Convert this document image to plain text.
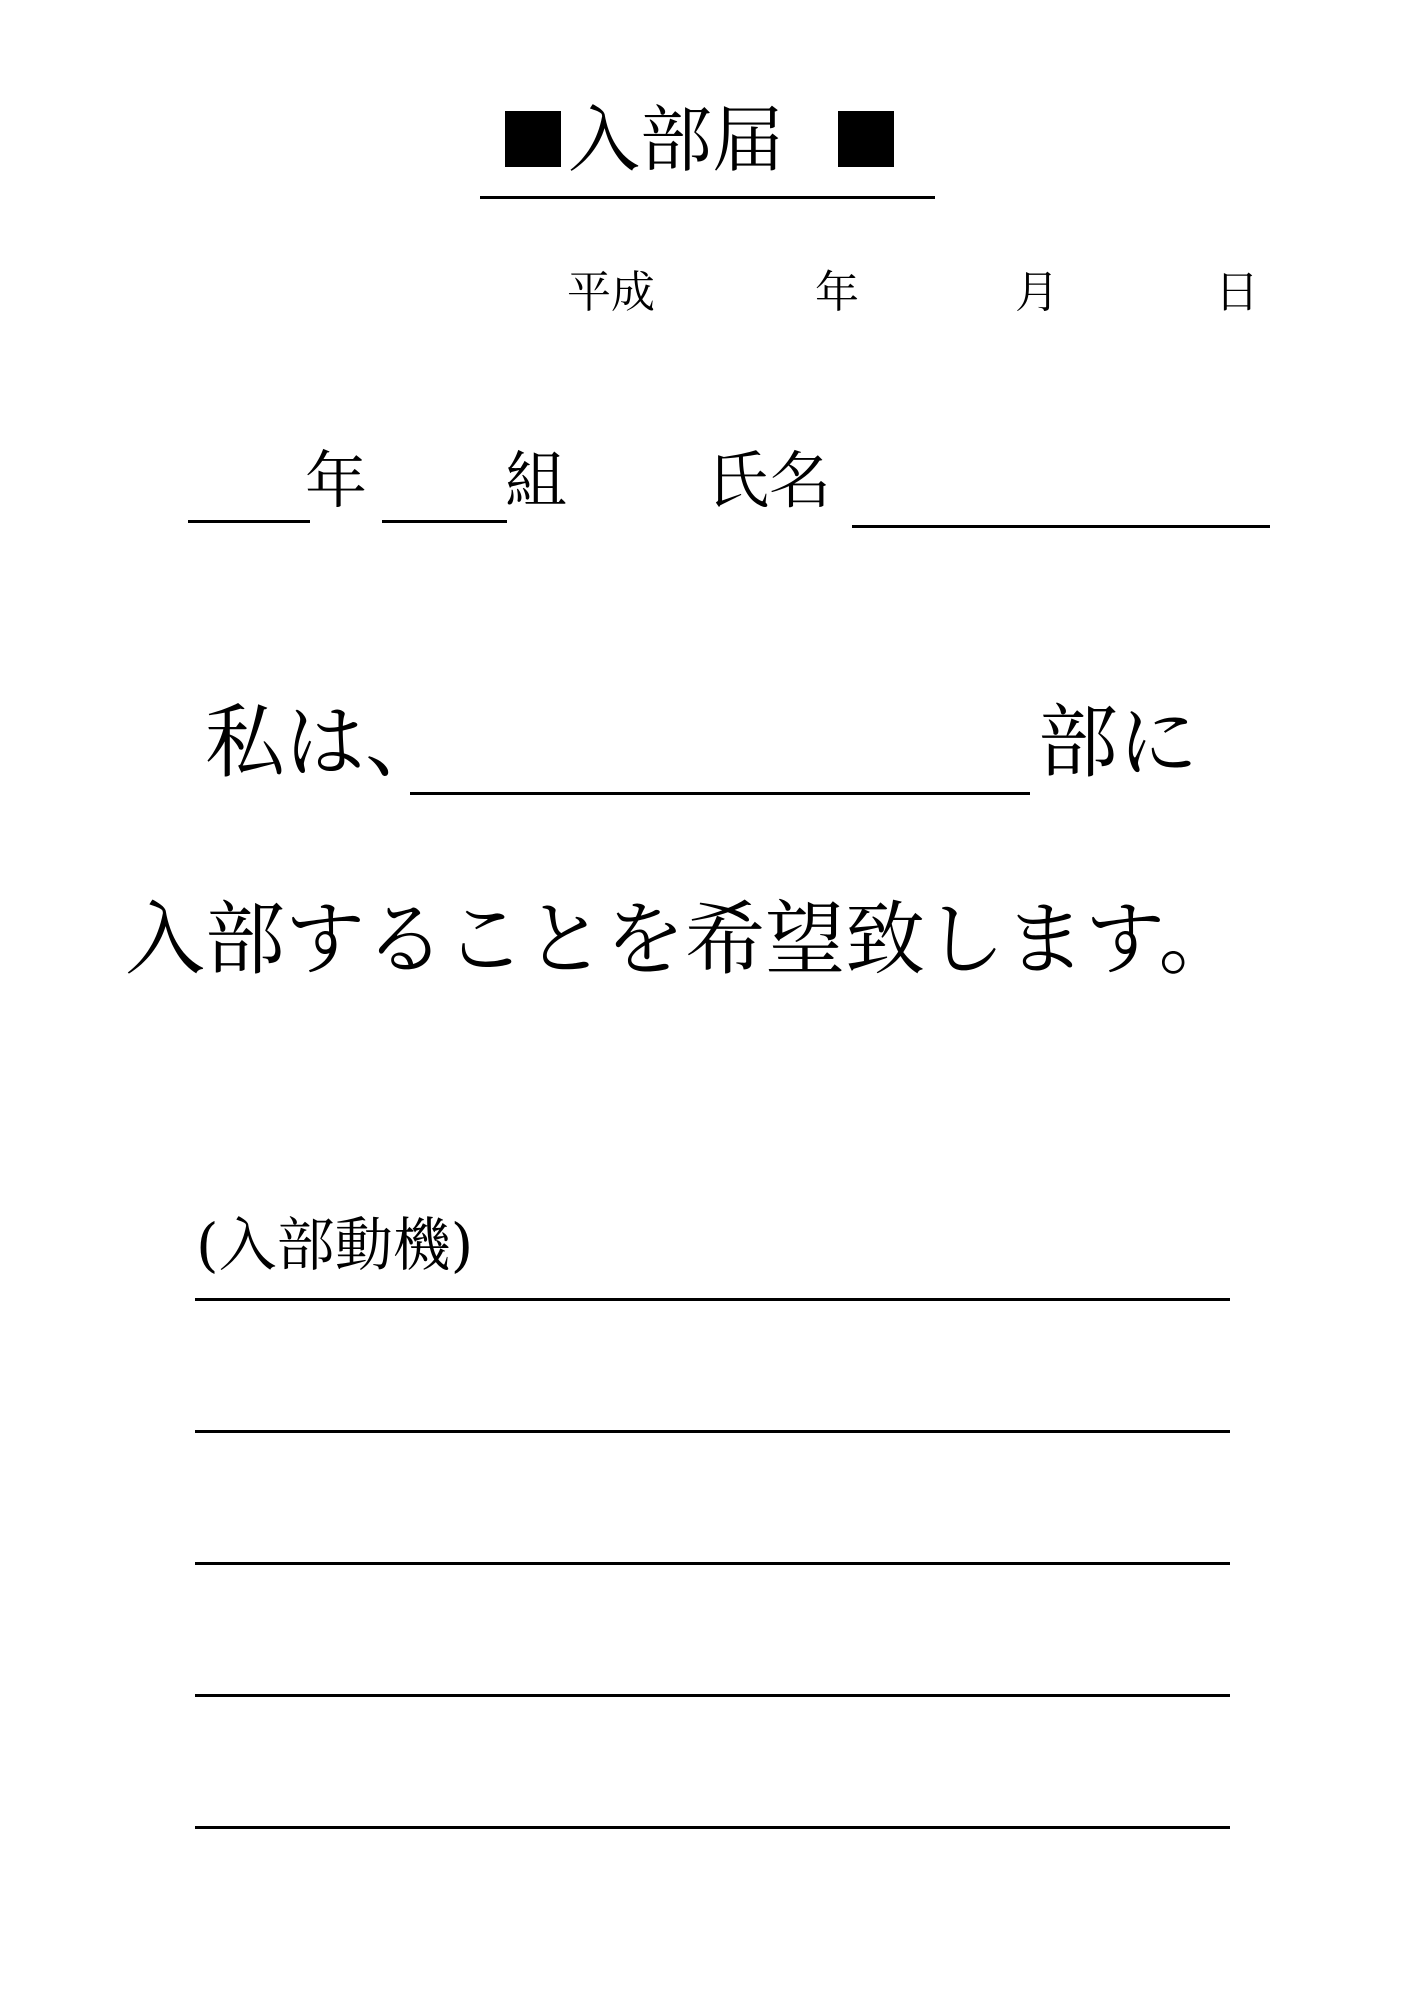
入部届
平成	年	月	日
年 組 氏名
私は、	部に
入部することを希望致します。
(入部動機)
